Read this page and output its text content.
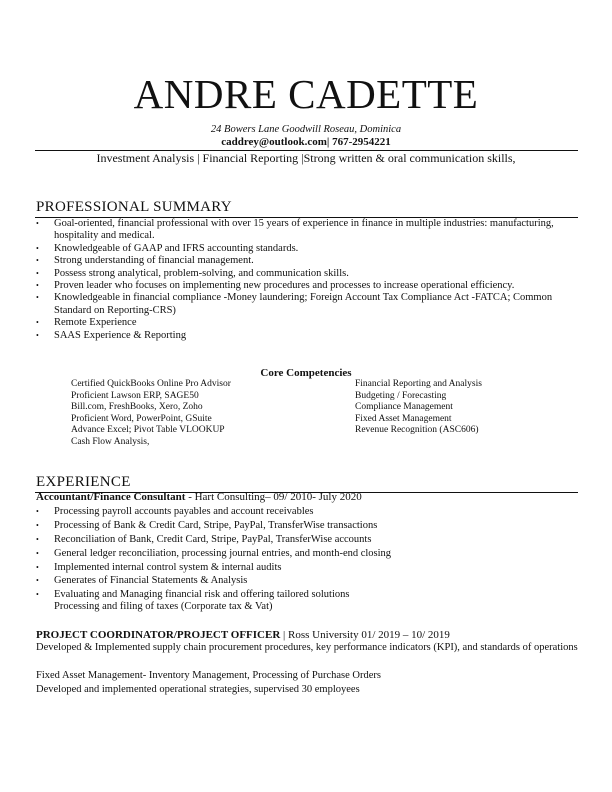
ANDRE CADETTE
24 Bowers Lane Goodwill Roseau, Dominica
caddrey@outlook.com| 767-2954221
Investment Analysis | Financial Reporting |Strong written & oral communication skills,
PROFESSIONAL SUMMARY
• Goal-oriented, financial professional with over 15 years of experience in finance in multiple industries: manufacturing, hospitality and medical.
• Knowledgeable of GAAP and IFRS accounting standards.
• Strong understanding of financial management.
• Possess strong analytical, problem-solving, and communication skills.
• Proven leader who focuses on implementing new procedures and processes to increase operational efficiency.
• Knowledgeable in financial compliance -Money laundering; Foreign Account Tax Compliance Act -FATCA; Common Standard on Reporting-CRS)
• Remote Experience
• SAAS Experience & Reporting
Core Competencies
Certified QuickBooks Online Pro Advisor
Proficient Lawson ERP, SAGE50
Bill.com, FreshBooks, Xero, Zoho
Proficient Word, PowerPoint, GSuite
Advance Excel; Pivot Table VLOOKUP
Cash Flow Analysis,
Financial Reporting and Analysis
Budgeting / Forecasting
Compliance Management
Fixed Asset Management
Revenue Recognition (ASC606)
EXPERIENCE
Accountant/Finance Consultant - Hart Consulting– 09/ 2010- July 2020
• Processing payroll accounts payables and account receivables
• Processing of Bank & Credit Card, Stripe, PayPal, TransferWise transactions
• Reconciliation of Bank, Credit Card, Stripe, PayPal, TransferWise accounts
• General ledger reconciliation, processing journal entries, and month-end closing
• Implemented internal control system & internal audits
• Generates of Financial Statements & Analysis
• Evaluating and Managing financial risk and offering tailored solutions
Processing and filing of taxes (Corporate tax & Vat)
PROJECT COORDINATOR/PROJECT OFFICER | Ross University 01/ 2019 – 10/ 2019
Developed & Implemented supply chain procurement procedures, key performance indicators (KPI), and standards of operations
Fixed Asset Management- Inventory Management, Processing of Purchase Orders
Developed and implemented operational strategies, supervised 30 employees
